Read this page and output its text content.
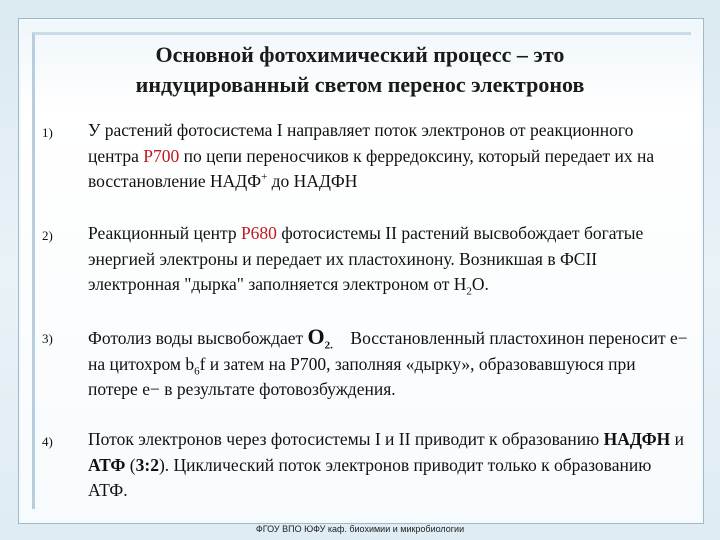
Основной фотохимический процесс – это
индуцированный светом перенос электронов
1)	У растений фотосистема I направляет поток электронов от реакционного центра P700 по цепи переносчиков к ферредоксину, который передает их на восстановление НАДФ+ до НАДФН
2)	Реакционный центр P680 фотосистемы II растений высвобождает богатые энергией электроны и передает их пластохинону. Возникшая в ФСII электронная "дырка" заполняется электроном от $Н_2О$.
3)	Фотолиз воды высвобождает $О_{2.}$    Восстановленный пластохинон переносит e− на цитохром $b_6f$ и затем на P700, заполняя «дырку», образовавшуюся при потере e− в результате фотовозбуждения.
4)	Поток электронов через фотосистемы I и II приводит к образованию НАДФН и АТФ (3:2). Циклический поток электронов приводит только к образованию АТФ.
ФГОУ ВПО ЮФУ каф. биохимии и микробиологии
